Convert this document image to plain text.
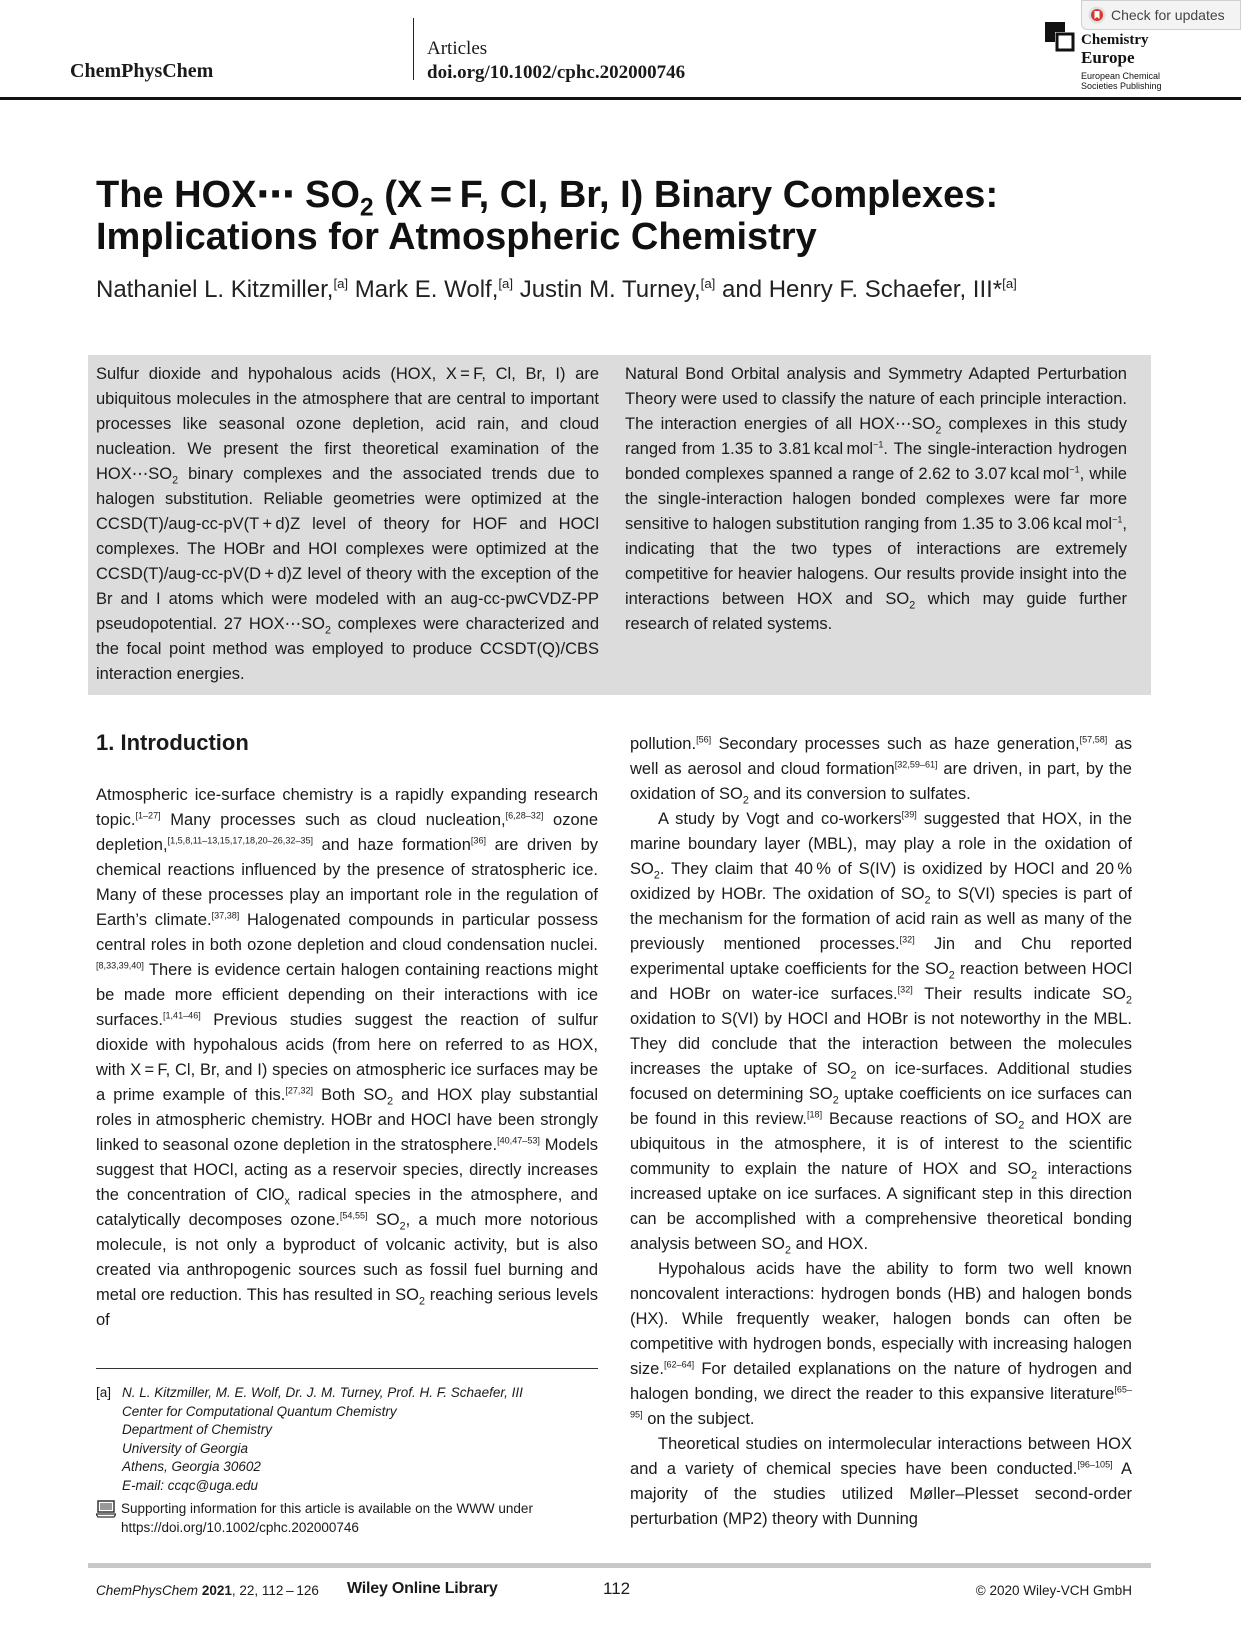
ChemPhysChem
Articles
doi.org/10.1002/cphc.202000746
Chemistry
Europe
European Chemical
Societies Publishing
Check for updates
The HOX⋯ $SO_2$ (X = F, Cl, Br, I) Binary Complexes:
Implications for Atmospheric Chemistry
Nathaniel L. Kitzmiller,[a] Mark E. Wolf,[a] Justin M. Turney,[a] and Henry F. Schaefer, III*[a]

Sulfur dioxide and hypohalous acids (HOX, X = F, Cl, Br, I) are ubiquitous molecules in the atmosphere that are central to important processes like seasonal ozone depletion, acid rain, and cloud nucleation. We present the first theoretical examination of the $HOX\cdots SO_2$ binary complexes and the associated trends due to halogen substitution. Reliable geometries were optimized at the CCSD(T)/aug-cc-pV(T + d)Z level of theory for HOF and HOCl complexes. The HOBr and HOI complexes were optimized at the CCSD(T)/aug-cc-pV(D + d)Z level of theory with the exception of the Br and I atoms which were modeled with an aug-cc-pwCVDZ-PP pseudopotential. 27 $HOX\cdots SO_2$ complexes were characterized and the focal point method was employed to produce CCSDT(Q)/CBS interaction energies.

Natural Bond Orbital analysis and Symmetry Adapted Perturbation Theory were used to classify the nature of each principle interaction. The interaction energies of all $HOX\cdots SO_2$ complexes in this study ranged from 1.35 to 3.81 kcal mol$^{-1}$. The single-interaction hydrogen bonded complexes spanned a range of 2.62 to 3.07 kcal mol$^{-1}$, while the single-interaction halogen bonded complexes were far more sensitive to halogen substitution ranging from 1.35 to 3.06 kcal mol$^{-1}$, indicating that the two types of interactions are extremely competitive for heavier halogens. Our results provide insight into the interactions between HOX and $SO_2$ which may guide further research of related systems.

1. Introduction

Atmospheric ice-surface chemistry is a rapidly expanding research topic.[1–27] Many processes such as cloud nucleation,[6,28–32] ozone depletion,[1,5,8,11–13,15,17,18,20–26,32–35] and haze formation[36] are driven by chemical reactions influenced by the presence of stratospheric ice. Many of these processes play an important role in the regulation of Earth’s climate.[37,38] Halogenated compounds in particular possess central roles in both ozone depletion and cloud condensation nuclei.[8,33,39,40] There is evidence certain halogen containing reactions might be made more efficient depending on their interactions with ice surfaces.[1,41–46] Previous studies suggest the reaction of sulfur dioxide with hypohalous acids (from here on referred to as HOX, with X = F, Cl, Br, and I) species on atmospheric ice surfaces may be a prime example of this.[27,32] Both $SO_2$ and HOX play substantial roles in atmospheric chemistry. HOBr and HOCl have been strongly linked to seasonal ozone depletion in the stratosphere.[40,47–53] Models suggest that HOCl, acting as a reservoir species, directly increases the concentration of ClO$_x$ radical species in the atmosphere, and catalytically decomposes ozone.[54,55] $SO_2$, a much more notorious molecule, is not only a byproduct of volcanic activity, but is also created via anthropogenic sources such as fossil fuel burning and metal ore reduction. This has resulted in $SO_2$ reaching serious levels of

pollution.[56] Secondary processes such as haze generation,[57,58] as well as aerosol and cloud formation[32,59–61] are driven, in part, by the oxidation of $SO_2$ and its conversion to sulfates.

A study by Vogt and co-workers[39] suggested that HOX, in the marine boundary layer (MBL), may play a role in the oxidation of $SO_2$. They claim that 40 % of S(IV) is oxidized by HOCl and 20 % oxidized by HOBr. The oxidation of $SO_2$ to S(VI) species is part of the mechanism for the formation of acid rain as well as many of the previously mentioned processes.[32] Jin and Chu reported experimental uptake coefficients for the $SO_2$ reaction between HOCl and HOBr on water-ice surfaces.[32] Their results indicate $SO_2$ oxidation to S(VI) by HOCl and HOBr is not noteworthy in the MBL. They did conclude that the interaction between the molecules increases the uptake of $SO_2$ on ice-surfaces. Additional studies focused on determining $SO_2$ uptake coefficients on ice surfaces can be found in this review.[18] Because reactions of $SO_2$ and HOX are ubiquitous in the atmosphere, it is of interest to the scientific community to explain the nature of HOX and $SO_2$ interactions increased uptake on ice surfaces. A significant step in this direction can be accomplished with a comprehensive theoretical bonding analysis between $SO_2$ and HOX.

Hypohalous acids have the ability to form two well known noncovalent interactions: hydrogen bonds (HB) and halogen bonds (HX). While frequently weaker, halogen bonds can often be competitive with hydrogen bonds, especially with increasing halogen size.[62–64] For detailed explanations on the nature of hydrogen and halogen bonding, we direct the reader to this expansive literature[65–95] on the subject.

Theoretical studies on intermolecular interactions between HOX and a variety of chemical species have been conducted.[96–105] A majority of the studies utilized Møller–Plesset second-order perturbation (MP2) theory with Dunning

[a] N. L. Kitzmiller, M. E. Wolf, Dr. J. M. Turney, Prof. H. F. Schaefer, III
Center for Computational Quantum Chemistry
Department of Chemistry
University of Georgia
Athens, Georgia 30602
E-mail: ccqc@uga.edu
Supporting information for this article is available on the WWW under
https://doi.org/10.1002/cphc.202000746
ChemPhysChem 2021, 22, 112 – 126 Wiley Online Library	112	© 2020 Wiley-VCH GmbH
